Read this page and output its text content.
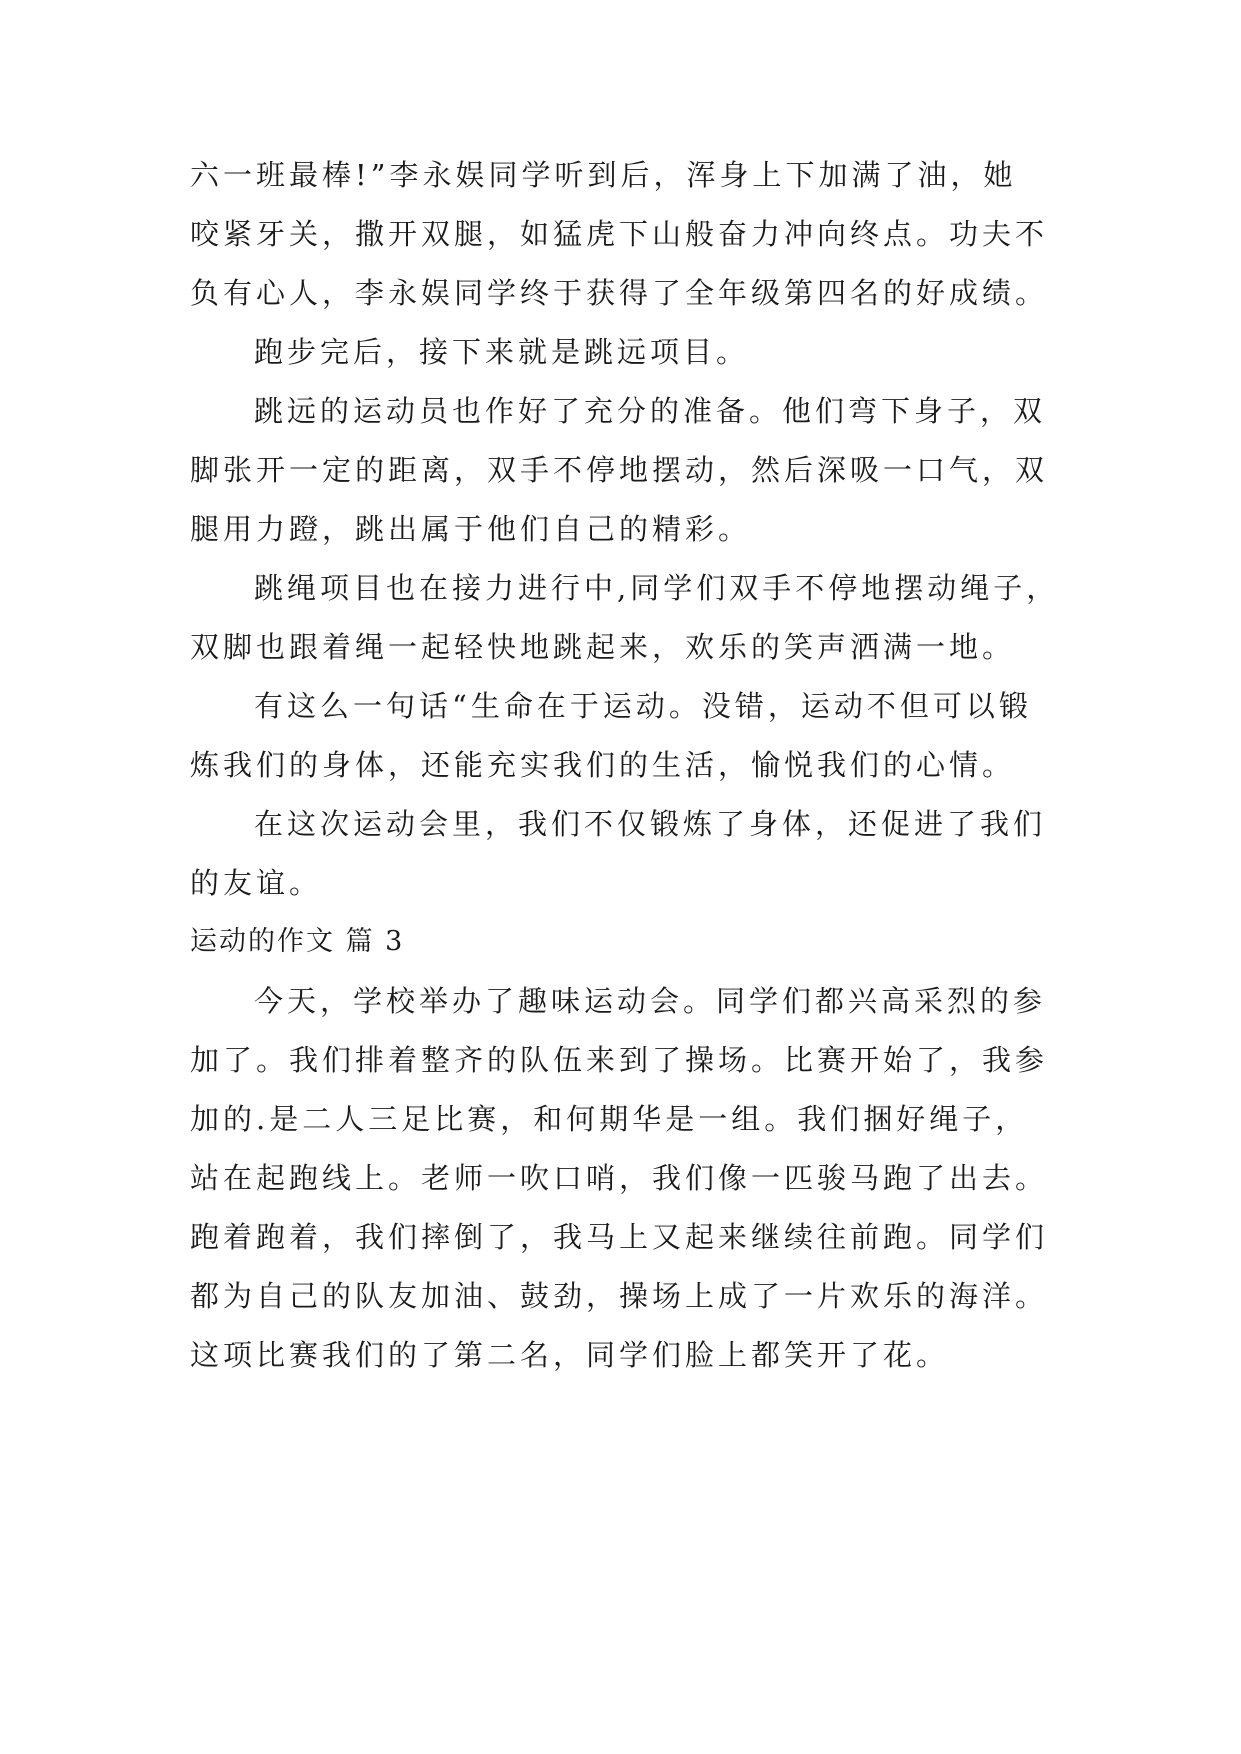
六一班最棒!”李永娱同学听到后，浑身上下加满了油，她
咬紧牙关，撒开双腿，如猛虎下山般奋力冲向终点。功夫不
负有心人，李永娱同学终于获得了全年级第四名的好成绩。
跑步完后，接下来就是跳远项目。
跳远的运动员也作好了充分的准备。他们弯下身子，双
脚张开一定的距离，双手不停地摆动，然后深吸一口气，双
腿用力蹬，跳出属于他们自己的精彩。
跳绳项目也在接力进行中,同学们双手不停地摆动绳子，
双脚也跟着绳一起轻快地跳起来，欢乐的笑声洒满一地。
有这么一句话“生命在于运动。没错，运动不但可以锻
炼我们的身体，还能充实我们的生活，愉悦我们的心情。
在这次运动会里，我们不仅锻炼了身体，还促进了我们
的友谊。
运动的作文 篇 3
今天，学校举办了趣味运动会。同学们都兴高采烈的参
加了。我们排着整齐的队伍来到了操场。比赛开始了，我参
加的.是二人三足比赛，和何期华是一组。我们捆好绳子，
站在起跑线上。老师一吹口哨，我们像一匹骏马跑了出去。
跑着跑着，我们摔倒了，我马上又起来继续往前跑。同学们
都为自己的队友加油、鼓劲，操场上成了一片欢乐的海洋。
这项比赛我们的了第二名，同学们脸上都笑开了花。
